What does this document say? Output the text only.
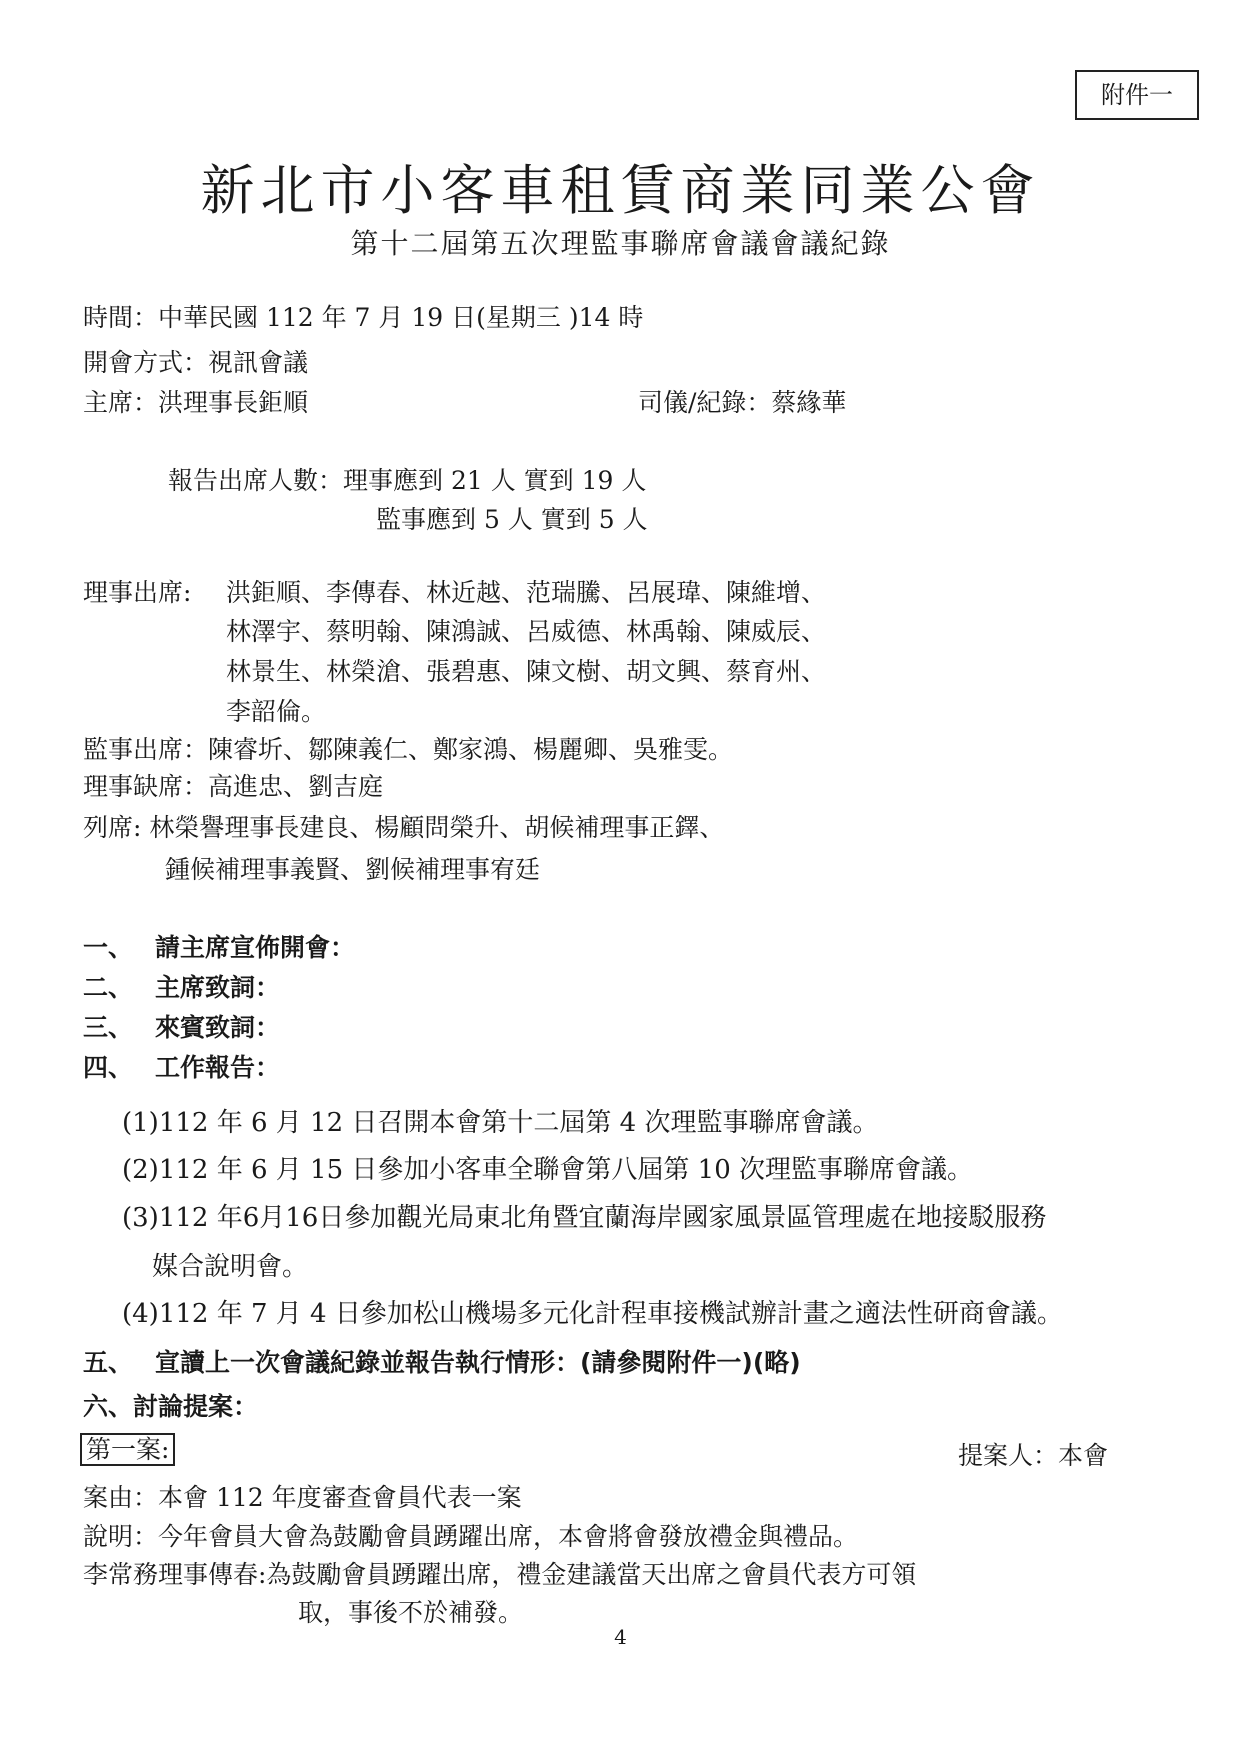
附件一
新北市小客車租賃商業同業公會
第十二屆第五次理監事聯席會議會議紀錄
時間：中華民國 112 年 7 月 19 日(星期三 )14 時
開會方式：視訊會議
主席：洪理事長鉅順	司儀/紀錄：蔡緣華
報告出席人數：理事應到 21 人 實到 19 人
監事應到 5 人 實到 5 人
理事出席: 洪鉅順、李傳春、林近越、范瑞騰、呂展瑋、陳維增、
林澤宇、蔡明翰、陳鴻誠、呂威德、林禹翰、陳威辰、
林景生、林榮滄、張碧惠、陳文樹、胡文興、蔡育州、
李韶倫。
監事出席：陳睿圻、鄒陳義仁、鄭家鴻、楊麗卿、吳雅雯。
理事缺席：高進忠、劉吉庭
列席: 林榮譽理事長建良、楊顧問榮升、胡候補理事正鐸、
鍾候補理事義賢、劉候補理事宥廷
一、 請主席宣佈開會：
二、 主席致詞：
三、 來賓致詞：
四、 工作報告：
(1)112 年 6 月 12 日召開本會第十二屆第 4 次理監事聯席會議。
(2)112 年 6 月 15 日參加小客車全聯會第八屆第 10 次理監事聯席會議。
(3)112 年6月16日參加觀光局東北角暨宜蘭海岸國家風景區管理處在地接駁服務
媒合說明會。
(4)112 年 7 月 4 日參加松山機場多元化計程車接機試辦計畫之適法性研商會議。
五、 宣讀上一次會議紀錄並報告執行情形：(請參閱附件一)(略)
六、討論提案：
第一案:	提案人：本會
案由：本會 112 年度審查會員代表一案
說明：今年會員大會為鼓勵會員踴躍出席，本會將會發放禮金與禮品。
李常務理事傳春:為鼓勵會員踴躍出席，禮金建議當天出席之會員代表方可領
取，事後不於補發。
4
